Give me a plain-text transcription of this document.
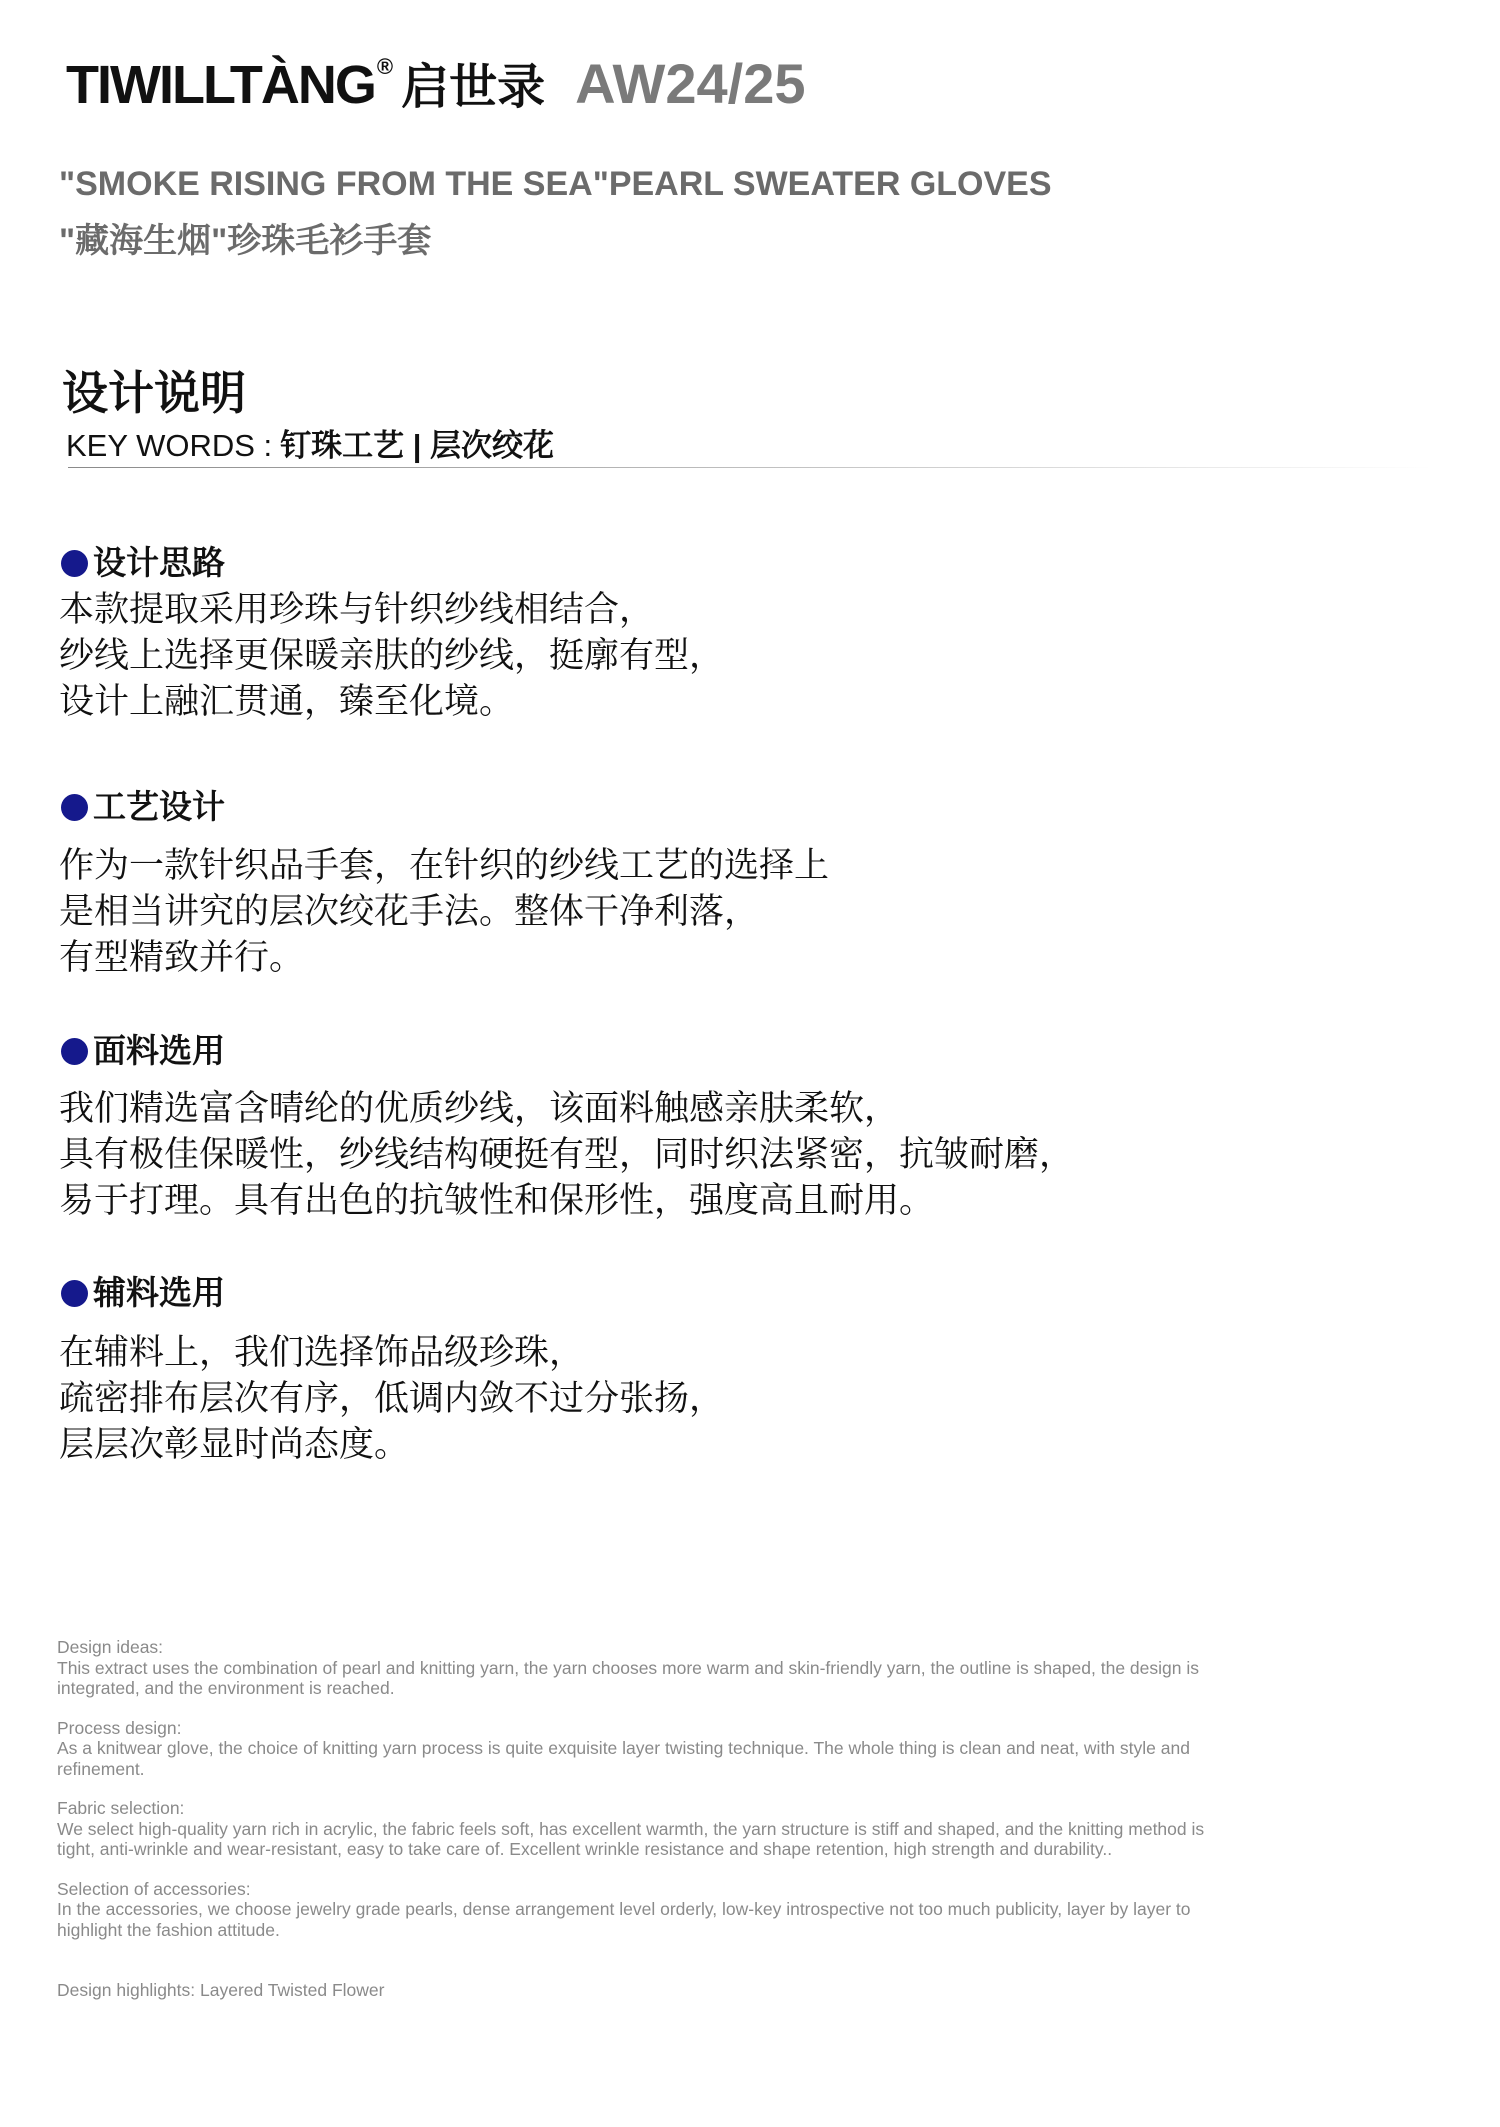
TIWILLTÀNG ® 启世录 AW24/25
"SMOKE RISING FROM THE SEA"PEARL SWEATER GLOVES
"藏海生烟"珍珠毛衫手套
设计说明
KEY WORDS : 钉珠工艺 | 层次绞花
设计思路
本款提取采用珍珠与针织纱线相结合，
纱线上选择更保暖亲肤的纱线，挺廓有型，
设计上融汇贯通，臻至化境。
工艺设计
作为一款针织品手套，在针织的纱线工艺的选择上
是相当讲究的层次绞花手法。整体干净利落，
有型精致并行。
面料选用
我们精选富含晴纶的优质纱线，该面料触感亲肤柔软，
具有极佳保暖性，纱线结构硬挺有型，同时织法紧密，抗皱耐磨，
易于打理。具有出色的抗皱性和保形性，强度高且耐用。
辅料选用
在辅料上，我们选择饰品级珍珠，
疏密排布层次有序，低调内敛不过分张扬，
层层次彰显时尚态度。
Design ideas:
This extract uses the combination of pearl and knitting yarn, the yarn chooses more warm and skin-friendly yarn, the outline is shaped, the design is
integrated, and the environment is reached.
Process design:
As a knitwear glove, the choice of knitting yarn process is quite exquisite layer twisting technique. The whole thing is clean and neat, with style and
refinement.
Fabric selection:
We select high-quality yarn rich in acrylic, the fabric feels soft, has excellent warmth, the yarn structure is stiff and shaped, and the knitting method is
tight, anti-wrinkle and wear-resistant, easy to take care of. Excellent wrinkle resistance and shape retention, high strength and durability..
Selection of accessories:
In the accessories, we choose jewelry grade pearls, dense arrangement level orderly, low-key introspective not too much publicity, layer by layer to
highlight the fashion attitude.
Design highlights: Layered Twisted Flower
